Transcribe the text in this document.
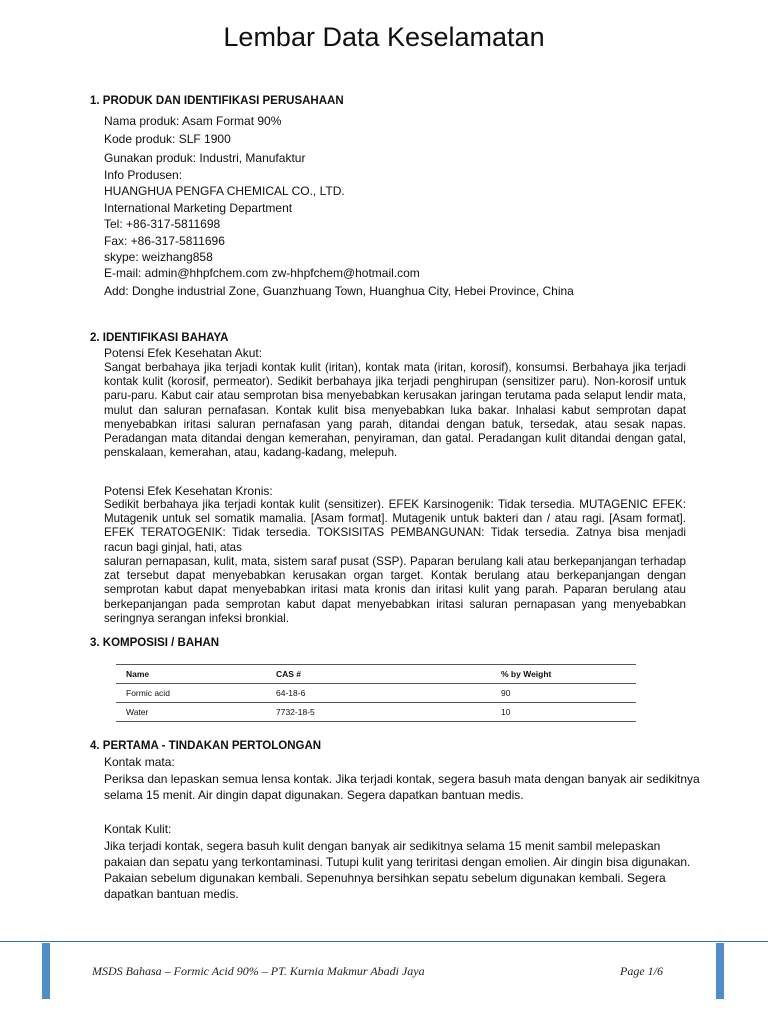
Lembar Data Keselamatan
1. PRODUK DAN IDENTIFIKASI PERUSAHAAN
Nama produk: Asam Format 90%
Kode produk: SLF 1900
Gunakan produk: Industri, Manufaktur
Info Produsen:
HUANGHUA PENGFA CHEMICAL CO., LTD.
International Marketing Department
Tel: +86-317-5811698
Fax: +86-317-5811696
skype: weizhang858
E-mail: admin@hhpfchem.com zw-hhpfchem@hotmail.com
Add: Donghe industrial Zone, Guanzhuang Town, Huanghua City, Hebei Province, China
2. IDENTIFIKASI BAHAYA
Potensi Efek Kesehatan Akut:
Sangat berbahaya jika terjadi kontak kulit (iritan), kontak mata (iritan, korosif), konsumsi. Berbahaya jika terjadi kontak kulit (korosif, permeator). Sedikit berbahaya jika terjadi penghirupan (sensitizer paru). Non-korosif untuk paru-paru. Kabut cair atau semprotan bisa menyebabkan kerusakan jaringan terutama pada selaput lendir mata, mulut dan saluran pernafasan. Kontak kulit bisa menyebabkan luka bakar. Inhalasi kabut semprotan dapat menyebabkan iritasi saluran pernafasan yang parah, ditandai dengan batuk, tersedak, atau sesak napas. Peradangan mata ditandai dengan kemerahan, penyiraman, dan gatal. Peradangan kulit ditandai dengan gatal, penskalaan, kemerahan, atau, kadang-kadang, melepuh.
Potensi Efek Kesehatan Kronis:
Sedikit berbahaya jika terjadi kontak kulit (sensitizer). EFEK Karsinogenik: Tidak tersedia. MUTAGENIC EFEK: Mutagenik untuk sel somatik mamalia. [Asam format]. Mutagenik untuk bakteri dan / atau ragi. [Asam format]. EFEK TERATOGENIK: Tidak tersedia. TOKSISITAS PEMBANGUNAN: Tidak tersedia. Zatnya bisa menjadi racun bagi ginjal, hati, atas
saluran pernapasan, kulit, mata, sistem saraf pusat (SSP). Paparan berulang kali atau berkepanjangan terhadap zat tersebut dapat menyebabkan kerusakan organ target. Kontak berulang atau berkepanjangan dengan semprotan kabut dapat menyebabkan iritasi mata kronis dan iritasi kulit yang parah. Paparan berulang atau berkepanjangan pada semprotan kabut dapat menyebabkan iritasi saluran pernapasan yang menyebabkan seringnya serangan infeksi bronkial.
3. KOMPOSISI / BAHAN
Name	CAS #	% by Weight
Formic acid	64-18-6	90
Water	7732-18-5	10
4. PERTAMA - TINDAKAN PERTOLONGAN
Kontak mata:
Periksa dan lepaskan semua lensa kontak. Jika terjadi kontak, segera basuh mata dengan banyak air sedikitnya selama 15 menit. Air dingin dapat digunakan. Segera dapatkan bantuan medis.
Kontak Kulit:
Jika terjadi kontak, segera basuh kulit dengan banyak air sedikitnya selama 15 menit sambil melepaskan pakaian dan sepatu yang terkontaminasi. Tutupi kulit yang teriritasi dengan emolien. Air dingin bisa digunakan. Pakaian sebelum digunakan kembali. Sepenuhnya bersihkan sepatu sebelum digunakan kembali. Segera dapatkan bantuan medis.
MSDS Bahasa – Formic Acid 90% – PT. Kurnia Makmur Abadi Jaya	Page 1/6
